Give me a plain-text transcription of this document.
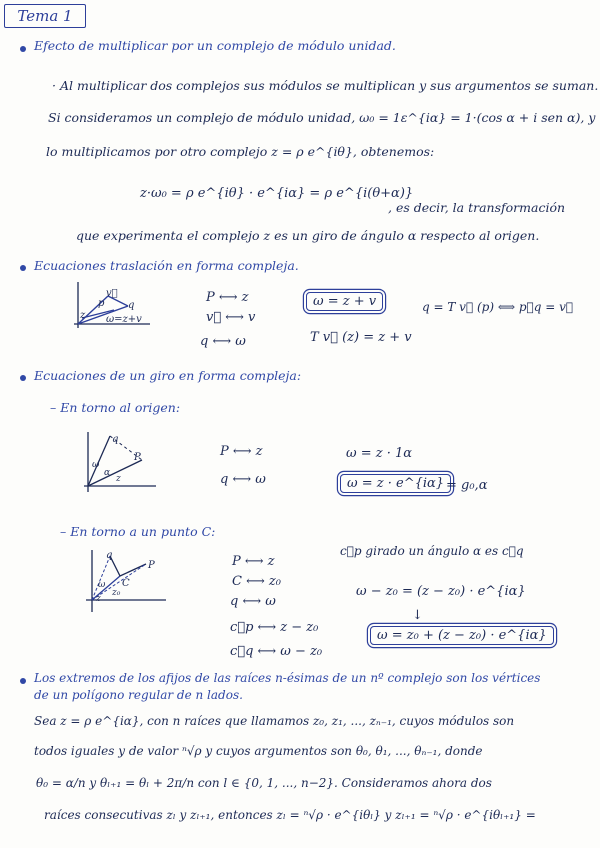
Tema 1
Efecto de multiplicar por un complejo de módulo unidad.
· Al multiplicar dos complejos sus módulos se multiplican y sus argumentos se suman.
Si consideramos un complejo de módulo unidad, ω₀ = 1ε^{iα} = 1·(cos α + i sen α), y
lo multiplicamos por otro complejo z = ρ e^{iθ}, obtenemos:
z·ω₀ = ρ e^{iθ} · e^{iα} = ρ e^{i(θ+α)}
, es decir, la transformación
que experimenta el complejo z es un giro de ángulo α respecto al origen.
Ecuaciones traslación en forma compleja.
v⃗
q
p
z ω=z+v
P ⟷ z
v⃗ ⟷ v
q ⟷ ω
ω = z + v
T v⃗ (z) = z + v
q = T v⃗ (p) ⟺ p⃗q = v⃗
Ecuaciones de un giro en forma compleja:
– En torno al origen:
q
P
ω
α
z
P ⟷ z
q ⟷ ω
ω = z · 1α
ω = z · e^{iα} = g₀,α
– En torno a un punto C:
P
C
q
z₀
ω
z
P ⟷ z
C ⟷ z₀
q ⟷ ω
c⃗p ⟷ z − z₀
c⃗q ⟷ ω − z₀
c⃗p girado un ángulo α es c⃗q
ω − z₀ = (z − z₀) · e^{iα}
↓
ω = z₀ + (z − z₀) · e^{iα}
Los extremos de los afijos de las raíces n-ésimas de un nº complejo son los vértices
de un polígono regular de n lados.
Sea z = ρ e^{iα}, con n raíces que llamamos z₀, z₁, ..., zₙ₋₁, cuyos módulos son
todos iguales y de valor ⁿ√ρ y cuyos argumentos son θ₀, θ₁, ..., θₙ₋₁, donde
θ₀ = α/n y θₗ₊₁ = θₗ + 2π/n con l ∈ {0, 1, ..., n−2}. Consideramos ahora dos
raíces consecutivas zₗ y zₗ₊₁, entonces zₗ = ⁿ√ρ · e^{iθₗ} y zₗ₊₁ = ⁿ√ρ · e^{iθₗ₊₁} =
